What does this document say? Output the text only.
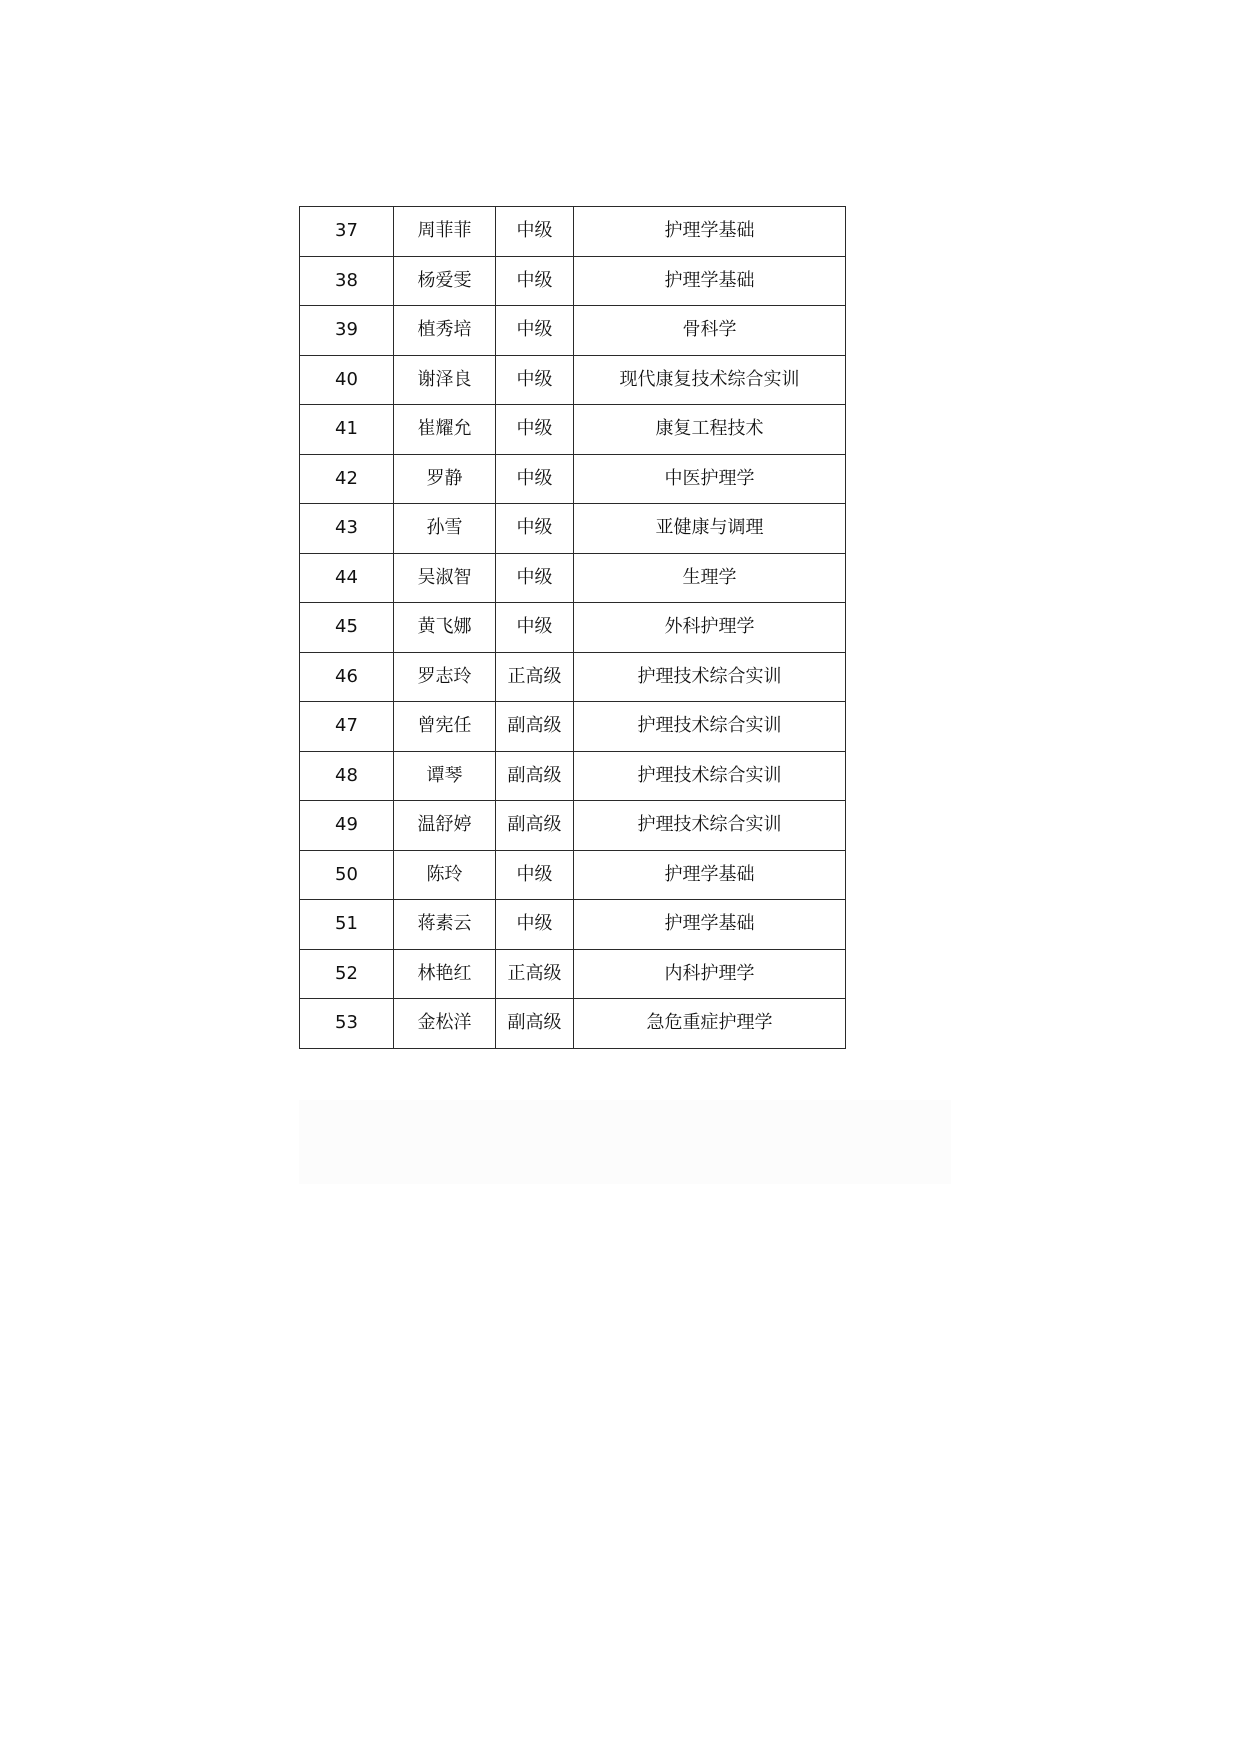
37	周菲菲	中级	护理学基础
38	杨爱雯	中级	护理学基础
39	植秀培	中级	骨科学
40	谢泽良	中级	现代康复技术综合实训
41	崔耀允	中级	康复工程技术
42	罗静	中级	中医护理学
43	孙雪	中级	亚健康与调理
44	吴淑智	中级	生理学
45	黄飞娜	中级	外科护理学
46	罗志玲	正高级	护理技术综合实训
47	曾宪任	副高级	护理技术综合实训
48	谭琴	副高级	护理技术综合实训
49	温舒婷	副高级	护理技术综合实训
50	陈玲	中级	护理学基础
51	蒋素云	中级	护理学基础
52	林艳红	正高级	内科护理学
53	金松洋	副高级	急危重症护理学
